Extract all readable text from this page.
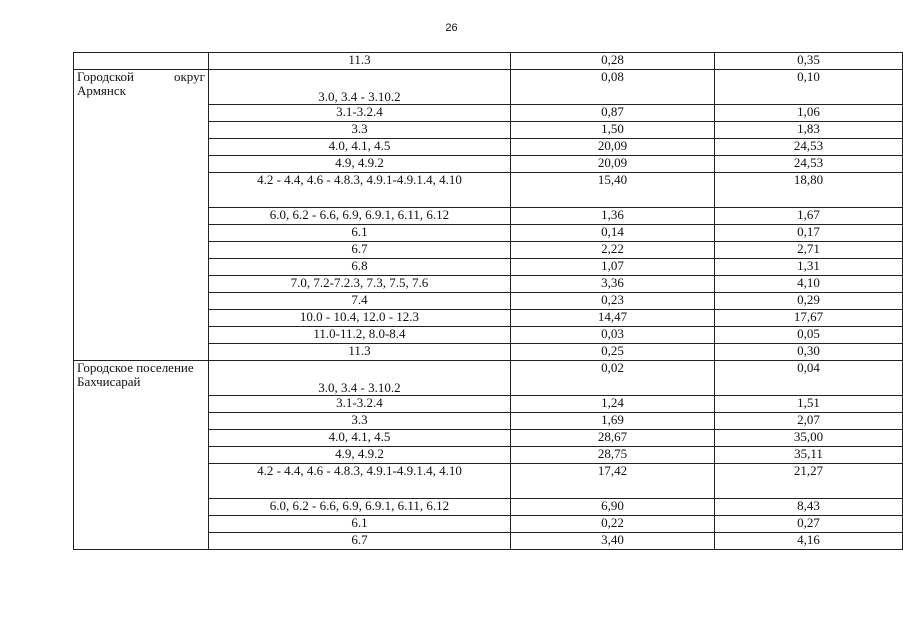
26
	11.3	0,28	0,35
Городской округ Армянск	3.0, 3.4 - 3.10.2	0,08	0,10
	3.1-3.2.4	0,87	1,06
	3.3	1,50	1,83
	4.0, 4.1, 4.5	20,09	24,53
	4.9, 4.9.2	20,09	24,53
	4.2 - 4.4, 4.6 - 4.8.3, 4.9.1-4.9.1.4, 4.10	15,40	18,80
	6.0, 6.2 - 6.6, 6.9, 6.9.1, 6.11, 6.12	1,36	1,67
	6.1	0,14	0,17
	6.7	2,22	2,71
	6.8	1,07	1,31
	7.0, 7.2-7.2.3, 7.3, 7.5, 7.6	3,36	4,10
	7.4	0,23	0,29
	10.0 - 10.4, 12.0 - 12.3	14,47	17,67
	11.0-11.2, 8.0-8.4	0,03	0,05
	11.3	0,25	0,30
Городское поселение Бахчисарай	3.0, 3.4 - 3.10.2	0,02	0,04
	3.1-3.2.4	1,24	1,51
	3.3	1,69	2,07
	4.0, 4.1, 4.5	28,67	35,00
	4.9, 4.9.2	28,75	35,11
	4.2 - 4.4, 4.6 - 4.8.3, 4.9.1-4.9.1.4, 4.10	17,42	21,27
	6.0, 6.2 - 6.6, 6.9, 6.9.1, 6.11, 6.12	6,90	8,43
	6.1	0,22	0,27
	6.7	3,40	4,16
